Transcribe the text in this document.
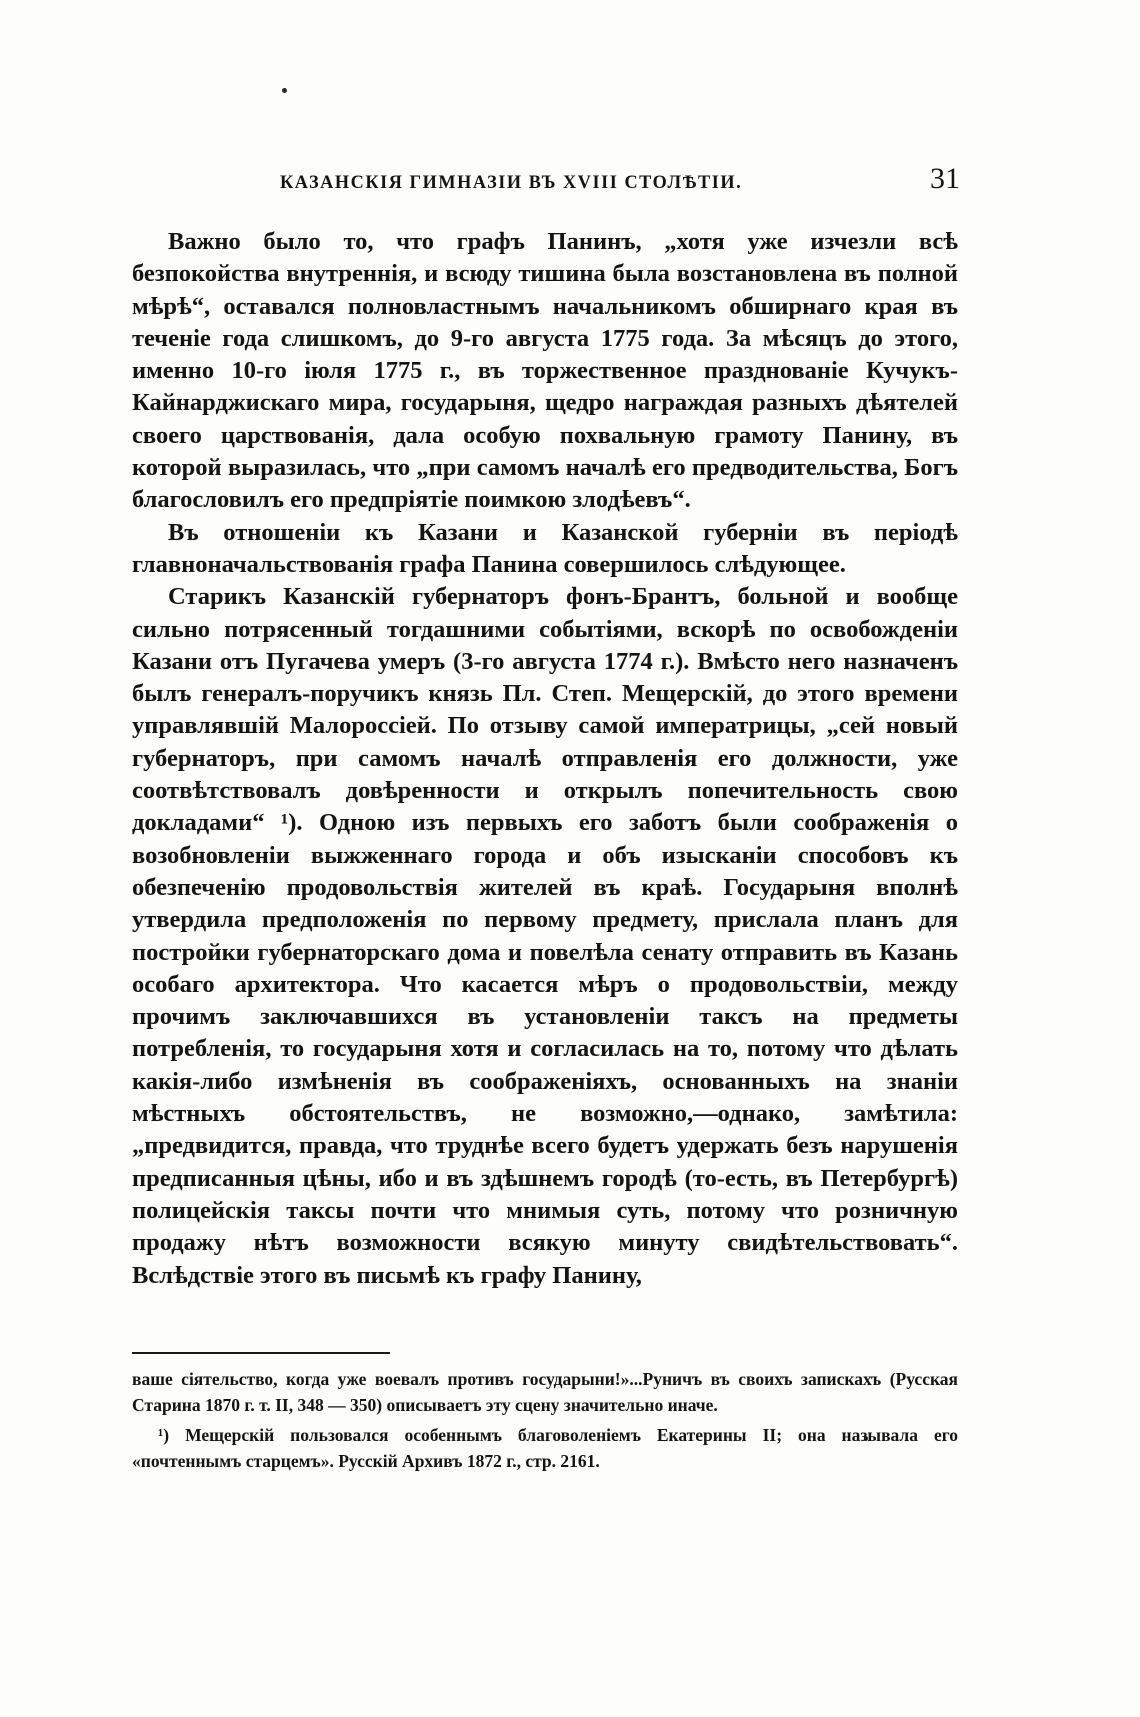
КАЗАНСКІЯ ГИМНАЗІИ ВЪ XVIII СТОЛѢТІИ.	31

Важно было то, что графъ Панинъ, „хотя уже изчезли всѣ безпокойства внутреннія, и всюду тишина была возстановлена въ полной мѣрѣ“, оставался полновластнымъ начальникомъ обширнаго края въ теченіе года слишкомъ, до 9-го августа 1775 года. За мѣсяцъ до этого, именно 10-го іюля 1775 г., въ торжественное празднованіе Кучукъ-Кайнарджискаго мира, государыня, щедро награждая разныхъ дѣятелей своего царствованія, дала особую похвальную грамоту Панину, въ которой выразилась, что „при самомъ началѣ его предводительства, Богъ благословилъ его предпріятіе поимкою злодѣевъ“.

Въ отношеніи къ Казани и Казанской губерніи въ періодѣ главноначальствованія графа Панина совершилось слѣдующее.

Старикъ Казанскій губернаторъ фонъ-Брантъ, больной и вообще сильно потрясенный тогдашними событіями, вскорѣ по освобожденіи Казани отъ Пугачева умеръ (3-го августа 1774 г.). Вмѣсто него назначенъ былъ генералъ-поручикъ князь Пл. Степ. Мещерскій, до этого времени управлявшій Малороссіей. По отзыву самой императрицы, „сей новый губернаторъ, при самомъ началѣ отправленія его должности, уже соотвѣтствовалъ довѣренности и открылъ попечительность свою докладами“ ¹). Одною изъ первыхъ его заботъ были соображенія о возобновленіи выжженнаго города и объ изысканіи способовъ къ обезпеченію продовольствія жителей въ краѣ. Государыня вполнѣ утвердила предположенія по первому предмету, прислала планъ для постройки губернаторскаго дома и повелѣла сенату отправить въ Казань особаго архитектора. Что касается мѣръ о продовольствіи, между прочимъ заключавшихся въ установленіи таксъ на предметы потребленія, то государыня хотя и согласилась на то, потому что дѣлать какія-либо измѣненія въ соображеніяхъ, основанныхъ на знаніи мѣстныхъ обстоятельствъ, не возможно,—однако, замѣтила: „предвидится, правда, что труднѣе всего будетъ удержать безъ нарушенія предписанныя цѣны, ибо и въ здѣшнемъ городѣ (то-есть, въ Петербургѣ) полицейскія таксы почти что мнимыя суть, потому что розничную продажу нѣтъ возможности всякую минуту свидѣтельствовать“. Вслѣдствіе этого въ письмѣ къ графу Панину,

ваше сіятельство, когда уже воевалъ противъ государыни!»...Руничъ въ своихъ запискахъ (Русская Старина 1870 г. т. II, 348 — 350) описываетъ эту сцену значительно иначе.

¹) Мещерскій пользовался особеннымъ благоволеніемъ Екатерины II; она называла его «почтеннымъ старцемъ». Русскій Архивъ 1872 г., стр. 2161.
